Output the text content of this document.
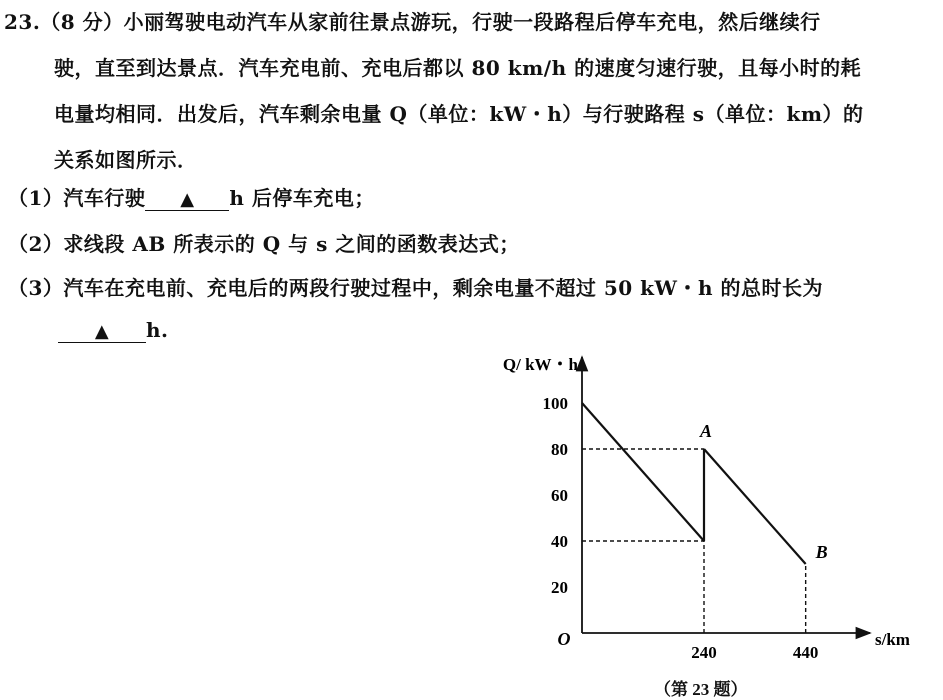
23.（8 分）小丽驾驶电动汽车从家前往景点游玩，行驶一段路程后停车充电，然后继续行
驶，直至到达景点．汽车充电前、充电后都以 80 km/h 的速度匀速行驶，且每小时的耗
电量均相同．出发后，汽车剩余电量 Q（单位：kW・h）与行驶路程 s（单位：km）的
关系如图所示．
（1）汽车行驶 ▲ h 后停车充电；
（2）求线段 AB 所表示的 Q 与 s 之间的函数表达式；
（3）汽车在充电前、充电后的两段行驶过程中，剩余电量不超过 50 kW・h 的总时长为
▲ h.
20
40
60
80
100
240	440
O
Q/ kW・h
s/km
A
B
（第 23 题）
